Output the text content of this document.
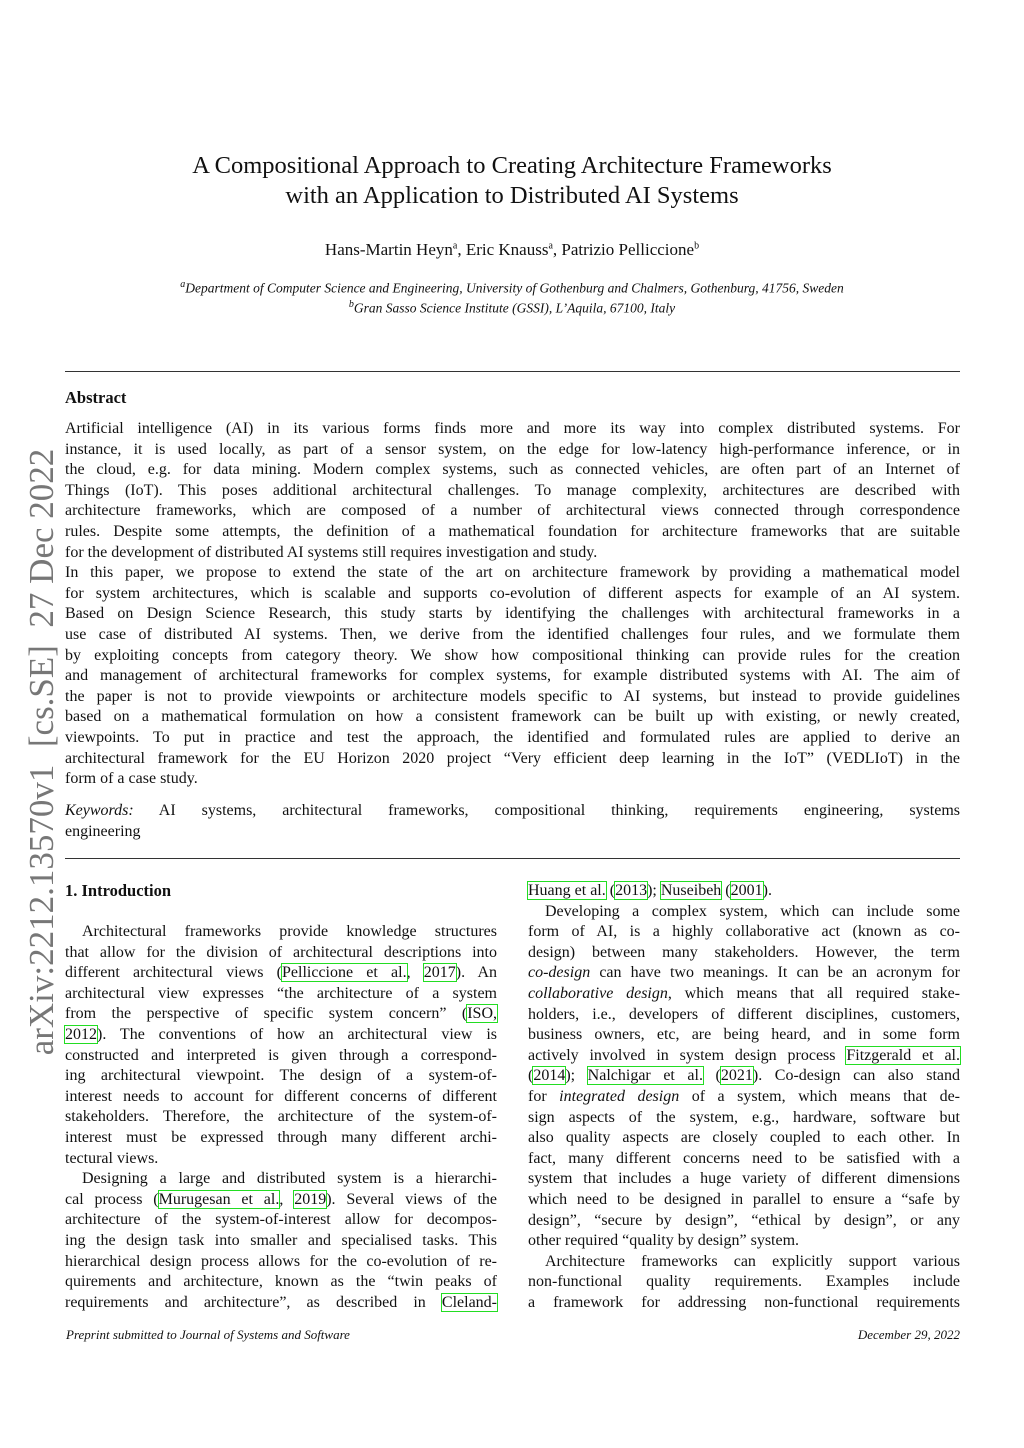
arXiv:2212.13570v1  [cs.SE]  27 Dec 2022
A Compositional Approach to Creating Architecture Frameworks
with an Application to Distributed AI Systems
Hans-Martin Heyn$^a$, Eric Knauss$^a$, Patrizio Pelliccione$^b$
$^a$Department of Computer Science and Engineering, University of Gothenburg and Chalmers, Gothenburg, 41756, Sweden
$^b$Gran Sasso Science Institute (GSSI), L’Aquila, 67100, Italy
Abstract
Artificial intelligence (AI) in its various forms finds more and more its way into complex distributed systems. For
instance, it is used locally, as part of a sensor system, on the edge for low-latency high-performance inference, or in
the cloud, e.g. for data mining. Modern complex systems, such as connected vehicles, are often part of an Internet of
Things (IoT). This poses additional architectural challenges. To manage complexity, architectures are described with
architecture frameworks, which are composed of a number of architectural views connected through correspondence
rules. Despite some attempts, the definition of a mathematical foundation for architecture frameworks that are suitable
for the development of distributed AI systems still requires investigation and study.
In this paper, we propose to extend the state of the art on architecture framework by providing a mathematical model
for system architectures, which is scalable and supports co-evolution of different aspects for example of an AI system.
Based on Design Science Research, this study starts by identifying the challenges with architectural frameworks in a
use case of distributed AI systems. Then, we derive from the identified challenges four rules, and we formulate them
by exploiting concepts from category theory. We show how compositional thinking can provide rules for the creation
and management of architectural frameworks for complex systems, for example distributed systems with AI. The aim of
the paper is not to provide viewpoints or architecture models specific to AI systems, but instead to provide guidelines
based on a mathematical formulation on how a consistent framework can be built up with existing, or newly created,
viewpoints. To put in practice and test the approach, the identified and formulated rules are applied to derive an
architectural framework for the EU Horizon 2020 project “Very efficient deep learning in the IoT” (VEDLIoT) in the
form of a case study.
Keywords: AI systems, architectural frameworks, compositional thinking, requirements engineering, systems
engineering
1. Introduction
Architectural frameworks provide knowledge structures
that allow for the division of architectural descriptions into
different architectural views (Pelliccione et al., 2017). An
architectural view expresses “the architecture of a system
from the perspective of specific system concern” (ISO,
2012). The conventions of how an architectural view is
constructed and interpreted is given through a correspond-
ing architectural viewpoint. The design of a system-of-
interest needs to account for different concerns of different
stakeholders. Therefore, the architecture of the system-of-
interest must be expressed through many different archi-
tectural views.
Designing a large and distributed system is a hierarchi-
cal process (Murugesan et al., 2019). Several views of the
architecture of the system-of-interest allow for decompos-
ing the design task into smaller and specialised tasks. This
hierarchical design process allows for the co-evolution of re-
quirements and architecture, known as the “twin peaks of
requirements and architecture”, as described in Cleland-
Huang et al. (2013); Nuseibeh (2001).
Developing a complex system, which can include some
form of AI, is a highly collaborative act (known as co-
design) between many stakeholders. However, the term
co-design can have two meanings. It can be an acronym for
collaborative design, which means that all required stake-
holders, i.e., developers of different disciplines, customers,
business owners, etc, are being heard, and in some form
actively involved in system design process Fitzgerald et al.
(2014); Nalchigar et al. (2021). Co-design can also stand
for integrated design of a system, which means that de-
sign aspects of the system, e.g., hardware, software but
also quality aspects are closely coupled to each other. In
fact, many different concerns need to be satisfied with a
system that includes a huge variety of different dimensions
which need to be designed in parallel to ensure a “safe by
design”, “secure by design”, “ethical by design”, or any
other required “quality by design” system.
Architecture frameworks can explicitly support various
non-functional quality requirements. Examples include
a framework for addressing non-functional requirements
Preprint submitted to Journal of Systems and Software	December 29, 2022
